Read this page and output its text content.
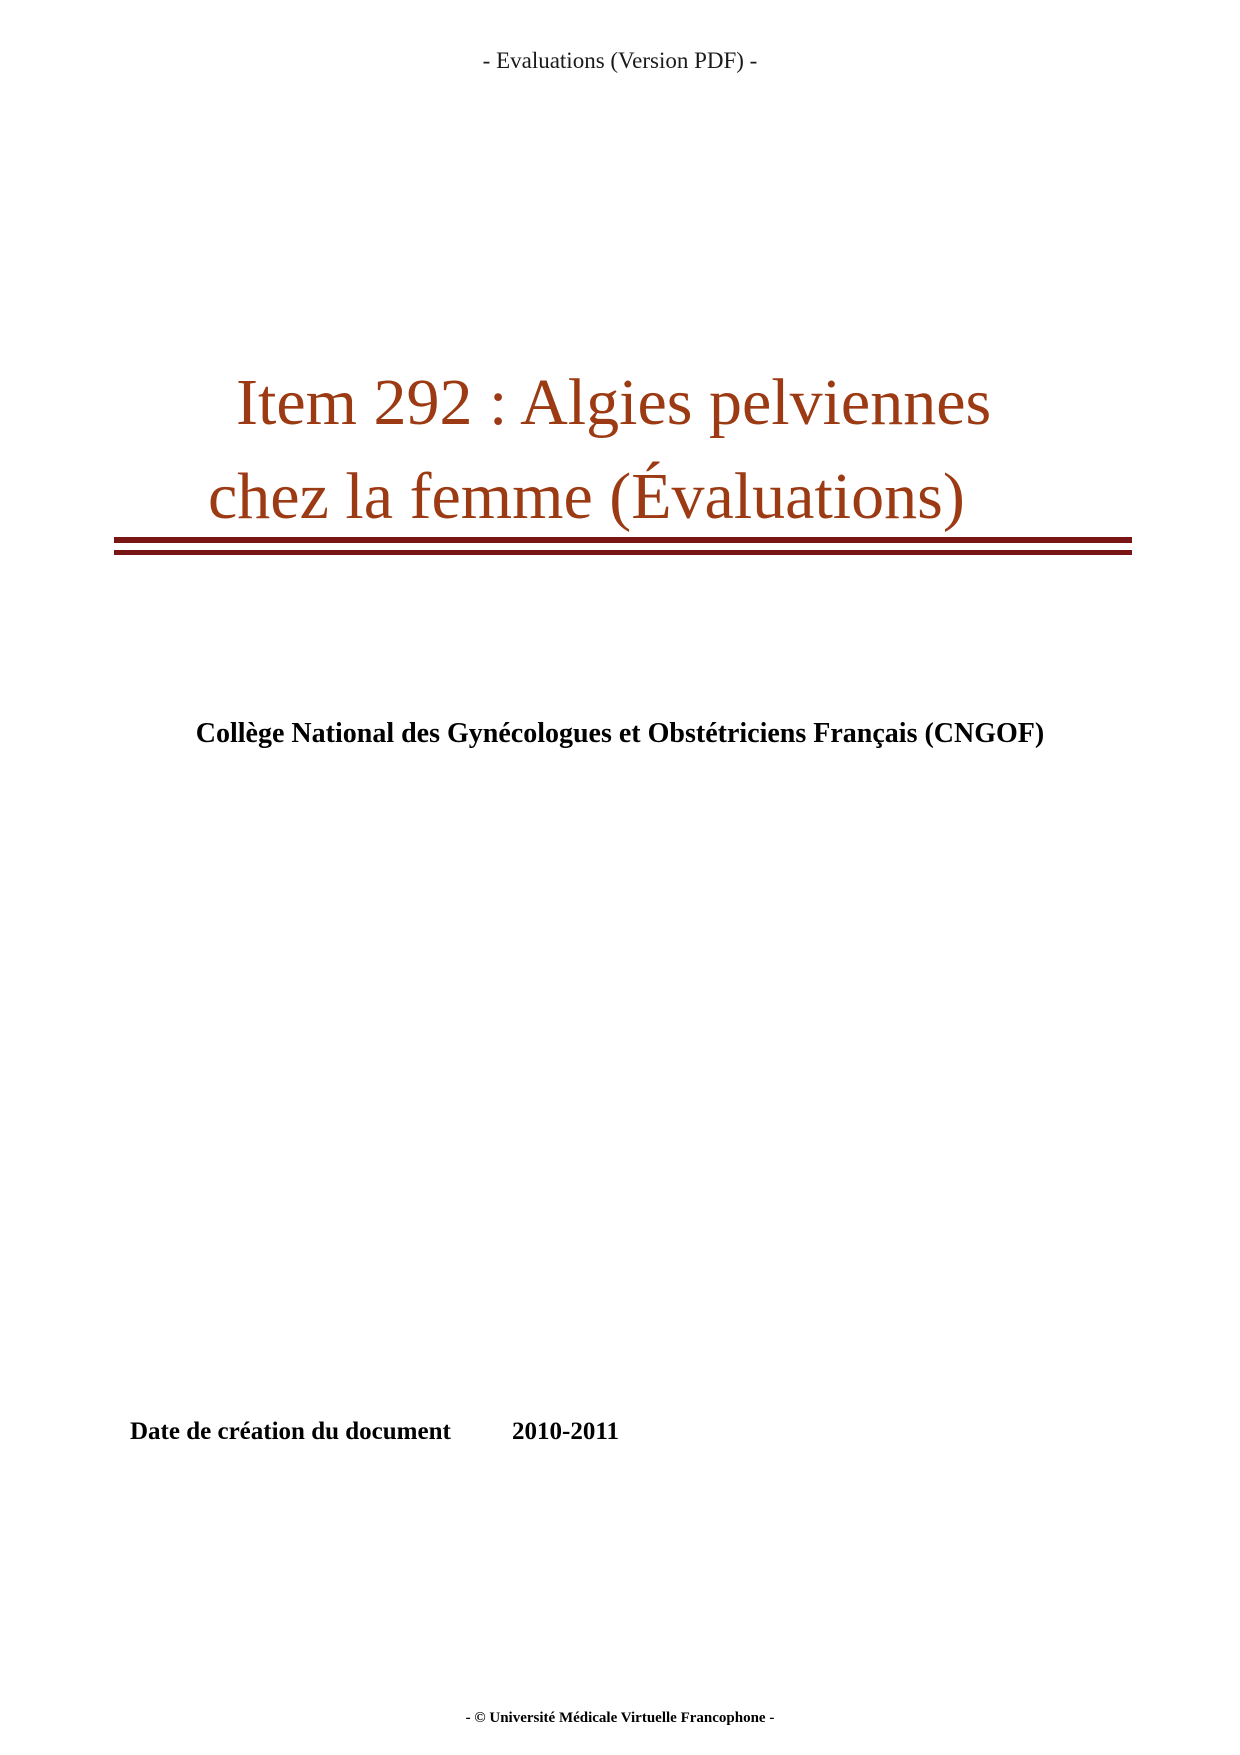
- Evaluations (Version PDF) -
Item 292 : Algies pelviennes
chez la femme (Évaluations)
Collège National des Gynécologues et Obstétriciens Français (CNGOF)
Date de création du document 2010-2011
- © Université Médicale Virtuelle Francophone -
